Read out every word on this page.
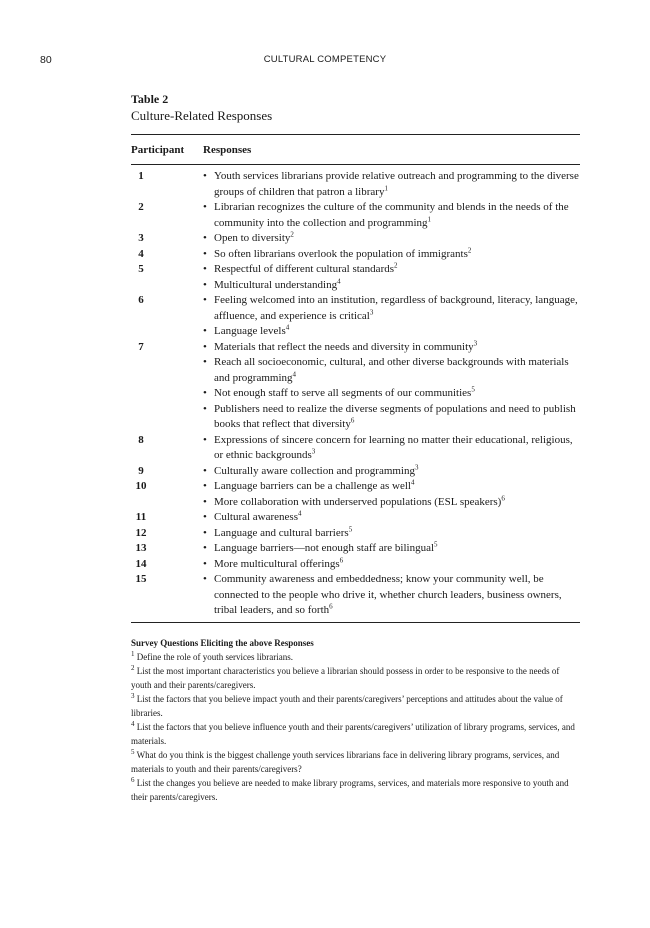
80	CULTURAL COMPETENCY
Table 2
Culture-Related Responses
Participant	Responses
1	• Youth services librarians provide relative outreach and programming to the diverse groups of children that patron a library$^1$
2	• Librarian recognizes the culture of the community and blends in the needs of the community into the collection and programming$^1$
3	• Open to diversity$^2$
4	• So often librarians overlook the population of immigrants$^2$
5	• Respectful of different cultural standards$^2$
• Multicultural understanding$^4$
6	• Feeling welcomed into an institution, regardless of background, literacy, language, affluence, and experience is critical$^3$
• Language levels$^4$
7	• Materials that reflect the needs and diversity in community$^3$
• Reach all socioeconomic, cultural, and other diverse backgrounds with materials and programming$^4$
• Not enough staff to serve all segments of our communities$^5$
• Publishers need to realize the diverse segments of populations and need to publish books that reflect that diversity$^6$
8	• Expressions of sincere concern for learning no matter their educational, religious, or ethnic backgrounds$^3$
9	• Culturally aware collection and programming$^3$
10	• Language barriers can be a challenge as well$^4$
• More collaboration with underserved populations (ESL speakers)$^6$
11	• Cultural awareness$^4$
12	• Language and cultural barriers$^5$
13	• Language barriers—not enough staff are bilingual$^5$
14	• More multicultural offerings$^6$
15	• Community awareness and embeddedness; know your community well, be connected to the people who drive it, whether church leaders, business owners, tribal leaders, and so forth$^6$
Survey Questions Eliciting the above Responses
$^1$ Define the role of youth services librarians.
$^2$ List the most important characteristics you believe a librarian should possess in order to be responsive to the needs of youth and their parents/caregivers.
$^3$ List the factors that you believe impact youth and their parents/caregivers’ perceptions and attitudes about the value of libraries.
$^4$ List the factors that you believe influence youth and their parents/caregivers’ utilization of library programs, services, and materials.
$^5$ What do you think is the biggest challenge youth services librarians face in delivering library programs, services, and materials to youth and their parents/caregivers?
$^6$ List the changes you believe are needed to make library programs, services, and materials more responsive to youth and their parents/caregivers.
